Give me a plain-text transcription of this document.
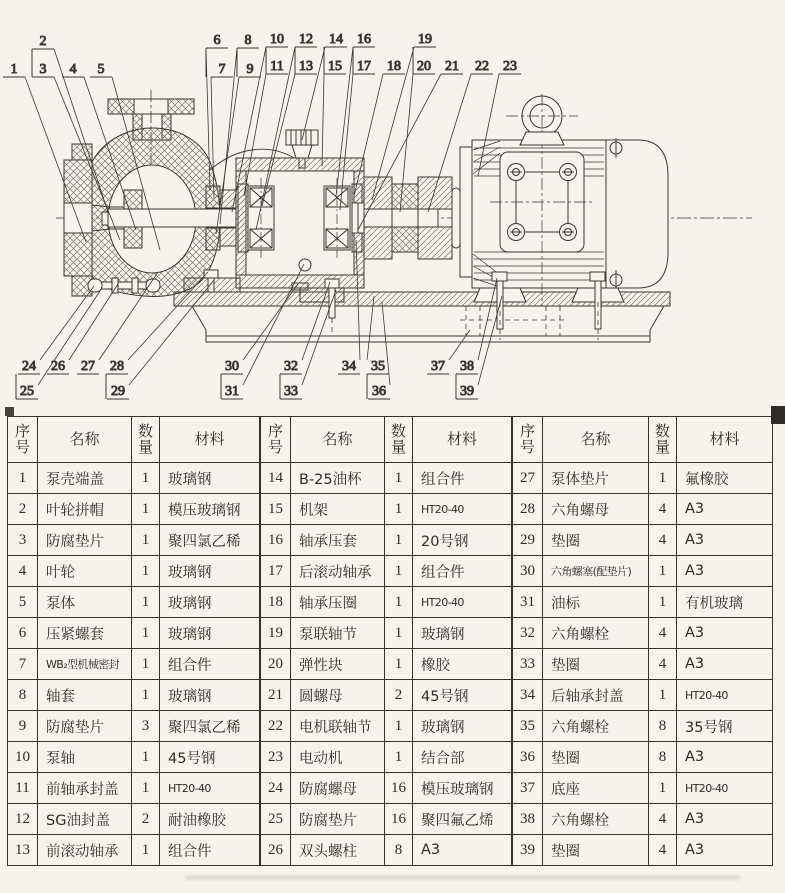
1
2
3 4 5
6
7
8
9
10
11
12
13
14
15
16
17 18
19
20 21 22 23
24
25
26 27 28
29
30
31
32
33
34 35
36
37 38
39
序号	名称	数量	材料
1	泵壳端盖	1	玻璃钢
2	叶轮拼帽	1	模压玻璃钢
3	防腐垫片	1	聚四氯乙稀
4	叶轮	1	玻璃钢
5	泵体	1	玻璃钢
6	压紧螺套	1	玻璃钢
7	WB₂型机械密封	1	组合件
8	轴套	1	玻璃钢
9	防腐垫片	3	聚四氯乙稀
10	泵轴	1	45号钢
11	前轴承封盖	1	HT20-40
12	SG油封盖	2	耐油橡胶
13	前滚动轴承	1	组合件
序号	名称	数量	材料
14	B-25油杯	1	组合件
15	机架	1	HT20-40
16	轴承压套	1	20号钢
17	后滚动轴承	1	组合件
18	轴承压圈	1	HT20-40
19	泵联轴节	1	玻璃钢
20	弹性块	1	橡胶
21	圆螺母	2	45号钢
22	电机联轴节	1	玻璃钢
23	电动机	1	结合部
24	防腐螺母	16	模压玻璃钢
25	防腐垫片	16	聚四氟乙烯
26	双头螺柱	8	A3
序号	名称	数量	材料
27	泵体垫片	1	氟橡胶
28	六角螺母	4	A3
29	垫圈	4	A3
30	六角螺塞(配垫片)	1	A3
31	油标	1	有机玻璃
32	六角螺栓	4	A3
33	垫圈	4	A3
34	后轴承封盖	1	HT20-40
35	六角螺栓	8	35号钢
36	垫圈	8	A3
37	底座	1	HT20-40
38	六角螺栓	4	A3
39	垫圈	4	A3
